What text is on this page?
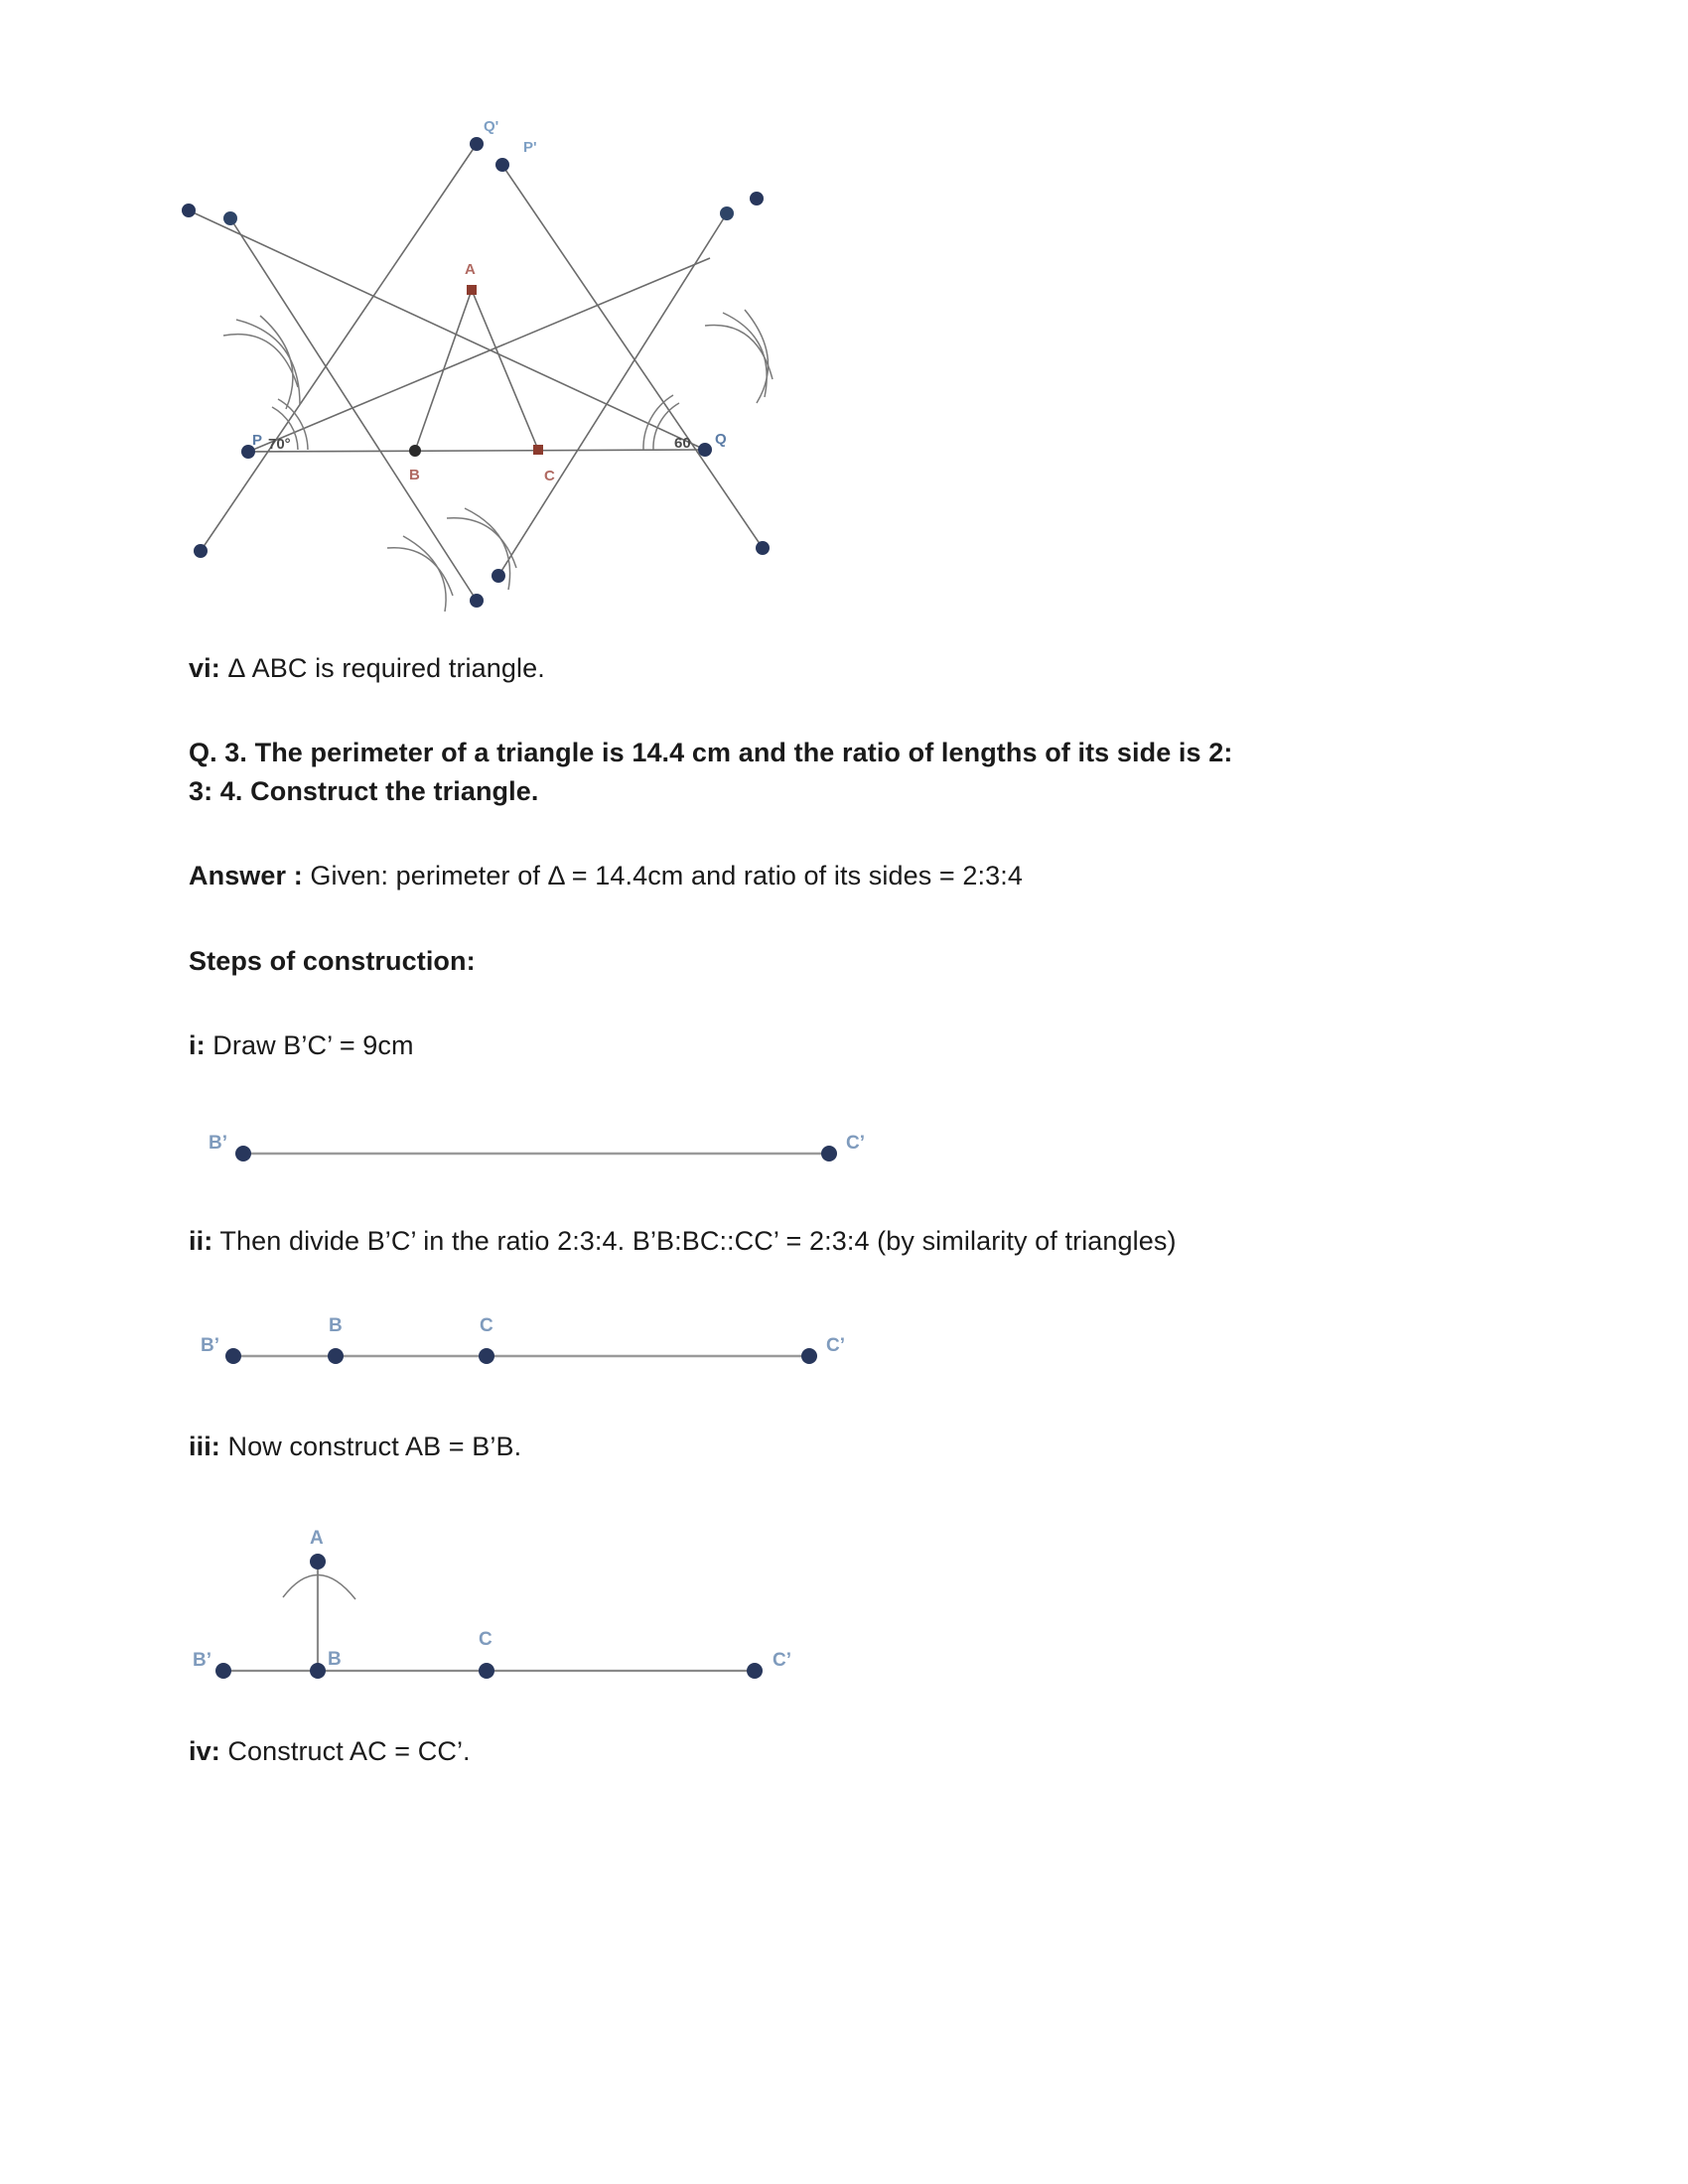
Q'
P'
A
B	C
P	Q
70°	60

vi: Δ ABC is required triangle.

Q. 3. The perimeter of a triangle is 14.4 cm and the ratio of lengths of its side is 2:

3: 4. Construct the triangle.

Answer : Given: perimeter of Δ = 14.4cm and ratio of its sides = 2:3:4

Steps of construction:

i: Draw B’C’ = 9cm

B’	C’

ii: Then divide B’C’ in the ratio 2:3:4. B’B:BC::CC’ = 2:3:4 (by similarity of triangles)

B’
B	C
C’

iii: Now construct AB = B’B.

B’	B
C
C’
A

iv: Construct AC = CC’.
